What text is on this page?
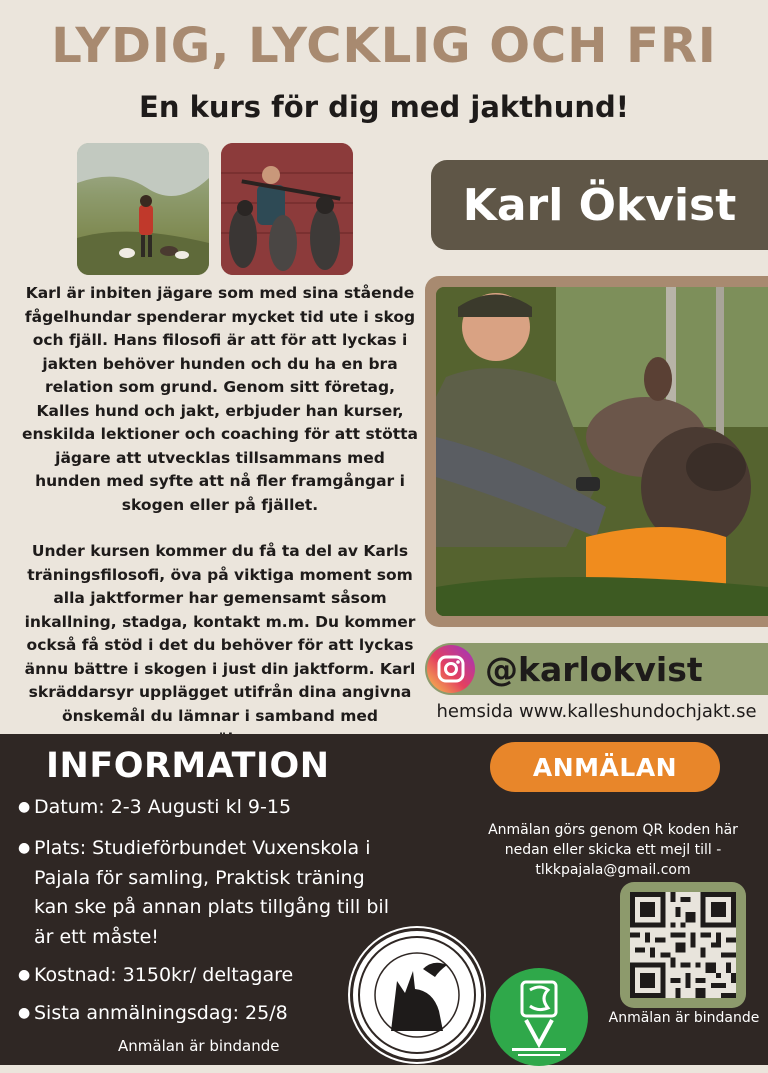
LYDIG, LYCKLIG OCH FRI
En kurs för dig med jakthund!
Karl Ökvist

Karl är inbiten jägare som med sina stående fågelhundar spenderar mycket tid ute i skog och fjäll. Hans filosofi är att för att lyckas i jakten behöver hunden och du ha en bra relation som grund. Genom sitt företag, Kalles hund och jakt, erbjuder han kurser, enskilda lektioner och coaching för att stötta jägare att utvecklas tillsammans med hunden med syfte att nå fler framgångar i skogen eller på fjället.

Under kursen kommer du få ta del av Karls träningsfilosofi, öva på viktiga moment som alla jaktformer har gemensamt såsom inkallning, stadga, kontakt m.m. Du kommer också få stöd i det du behöver för att lyckas ännu bättre i skogen i just din jaktform. Karl skräddarsyr upplägget utifrån dina angivna önskemål du lämnar i samband med

@karlokvist
hemsida www.kalleshundochjakt.se
INFORMATION
● Datum: 2-3 Augusti kl 9-15
● Plats: Studieförbundet Vuxenskola i Pajala för samling, Praktisk träning kan ske på annan plats tillgång till bil är ett måste!
● Kostnad: 3150kr/ deltagare
● Sista anmälningsdag: 25/8
Anmälan är bindande
ANMÄLAN
Anmälan görs genom QR koden här nedan eller skicka ett mejl till - tlkkpajala@gmail.com
Anmälan är bindande
